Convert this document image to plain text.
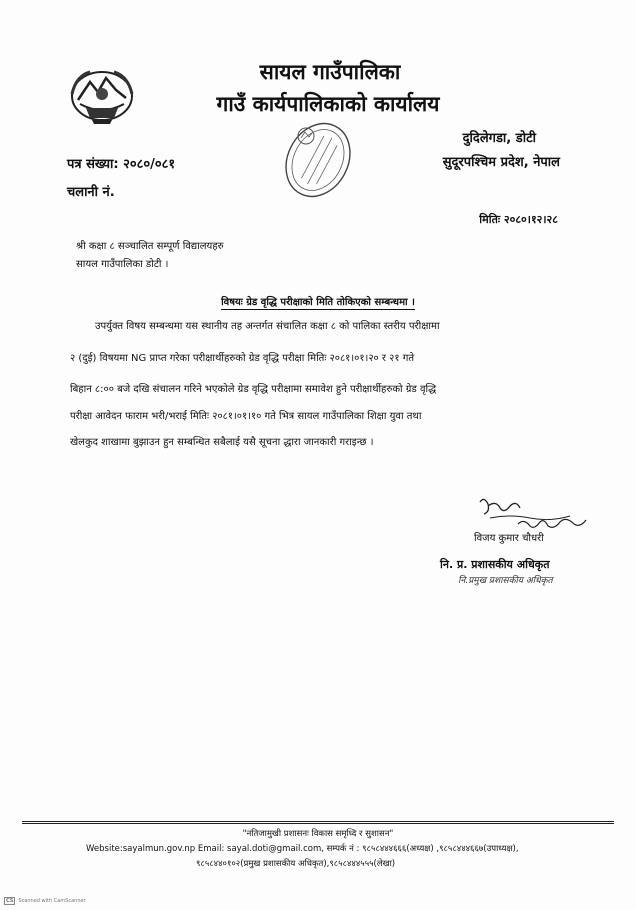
सायल गाउँपालिका
गाउँ कार्यपालिकाको कार्यालय
दुदिलेगडा, डोटी
सुदूरपश्चिम प्रदेश, नेपाल
पत्र संख्या: २०८०/०८१
चलानी नं.
मितिः २०८०।१२।२८
श्री कक्षा ८ सञ्चालित सम्पूर्ण विद्यालयहरु
सायल गाउँपालिका डोटी ।
विषयः ग्रेड वृद्धि परीक्षाको मिति तोकिएको सम्बन्धमा ।
उपर्युक्त विषय सम्बन्धमा यस स्थानीय तह अन्तर्गत संचालित कक्षा ८ को पालिका स्तरीय परीक्षामा
२ (दुई) विषयमा NG प्राप्त गरेका परीक्षार्थीहरुको ग्रेड वृद्धि परीक्षा मितिः २०८१।०१।२० र २१ गते
बिहान ८:०० बजे दखि संचालन गरिने भएकोले ग्रेड वृद्धि परीक्षामा समावेश हुने परीक्षार्थीहरुको ग्रेड वृद्धि
परीक्षा आवेदन फाराम भरी/भराई मितिः २०८१।०१।१० गते भित्र सायल गाउँपालिका शिक्षा युवा तथा
खेलकुद शाखामा बुझाउन हुन सम्बन्धित सबैलाई यसै सूचना द्धारा जानकारी गराइन्छ ।
विजय कुमार चौधरी
नि. प्र. प्रशासकीय अधिकृत
नि.प्रमुख प्रशासकीय अधिकृत
"नतिजामुखी प्रशासनः विकास समृध्दि र सुशासन"
Website:sayalmun.gov.np Email: sayal.doti@gmail.com, सम्पर्क नं : ९८५८४४४६६६(अध्यक्ष) ,९८५८४४४६६७(उपाध्यक्ष),
९८५८४४०१०२(प्रमुख प्रशासकीय अधिकृत),९८५८४४४५५५(लेखा)
CS Scanned with CamScanner
